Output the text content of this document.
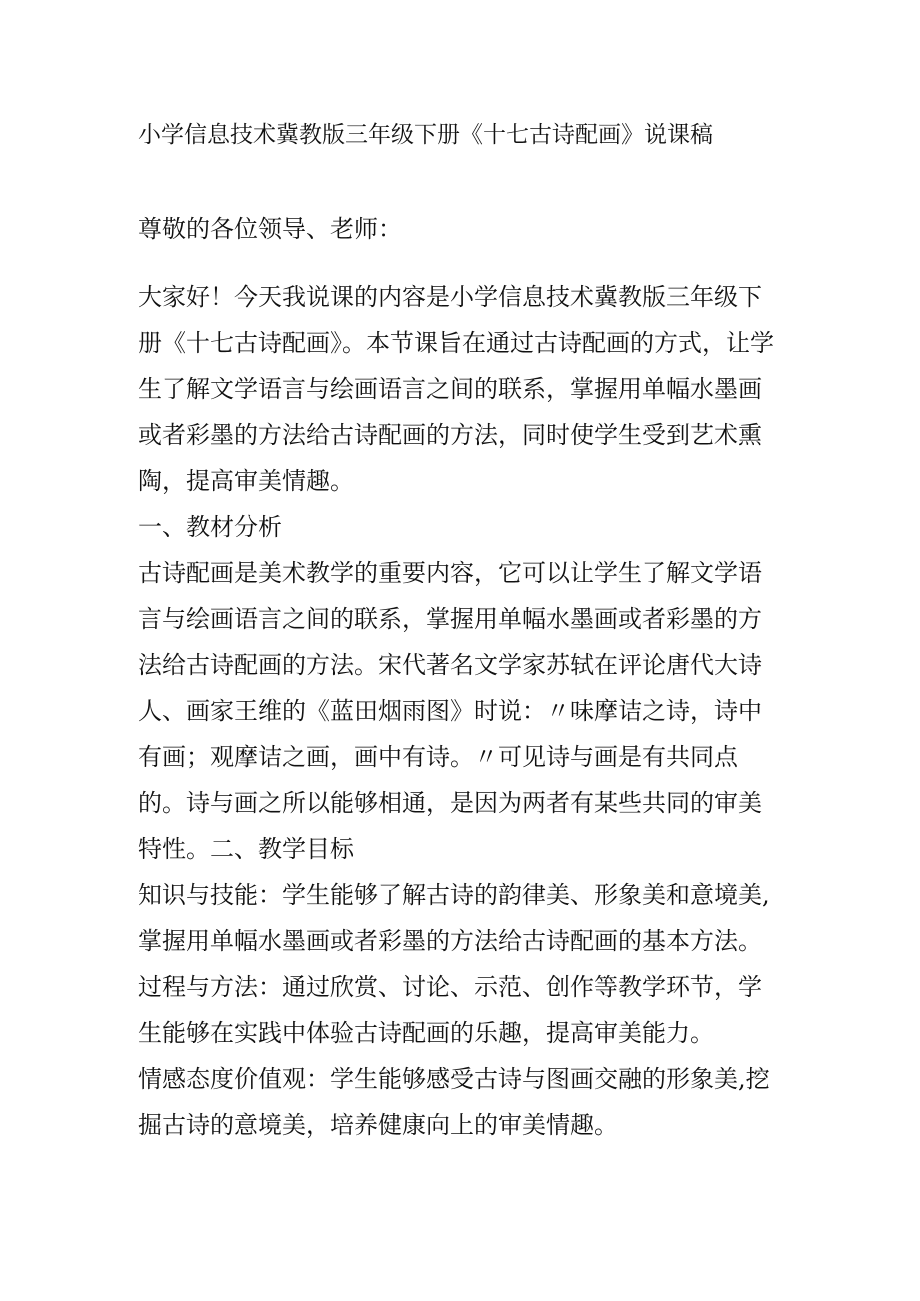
小学信息技术冀教版三年级下册《十七古诗配画》说课稿

尊敬的各位领导、老师：

大家好！今天我说课的内容是小学信息技术冀教版三年级下册《十七古诗配画》。本节课旨在通过古诗配画的方式，让学生了解文学语言与绘画语言之间的联系，掌握用单幅水墨画或者彩墨的方法给古诗配画的方法，同时使学生受到艺术熏陶，提高审美情趣。

一、教材分析

古诗配画是美术教学的重要内容，它可以让学生了解文学语言与绘画语言之间的联系，掌握用单幅水墨画或者彩墨的方法给古诗配画的方法。宋代著名文学家苏轼在评论唐代大诗人、画家王维的《蓝田烟雨图》时说：〃味摩诘之诗，诗中有画；观摩诘之画，画中有诗。〃可见诗与画是有共同点的。诗与画之所以能够相通，是因为两者有某些共同的审美特性。二、教学目标

知识与技能：学生能够了解古诗的韵律美、形象美和意境美,掌握用单幅水墨画或者彩墨的方法给古诗配画的基本方法。过程与方法：通过欣赏、讨论、示范、创作等教学环节，学生能够在实践中体验古诗配画的乐趣，提高审美能力。

情感态度价值观：学生能够感受古诗与图画交融的形象美,挖掘古诗的意境美，培养健康向上的审美情趣。
